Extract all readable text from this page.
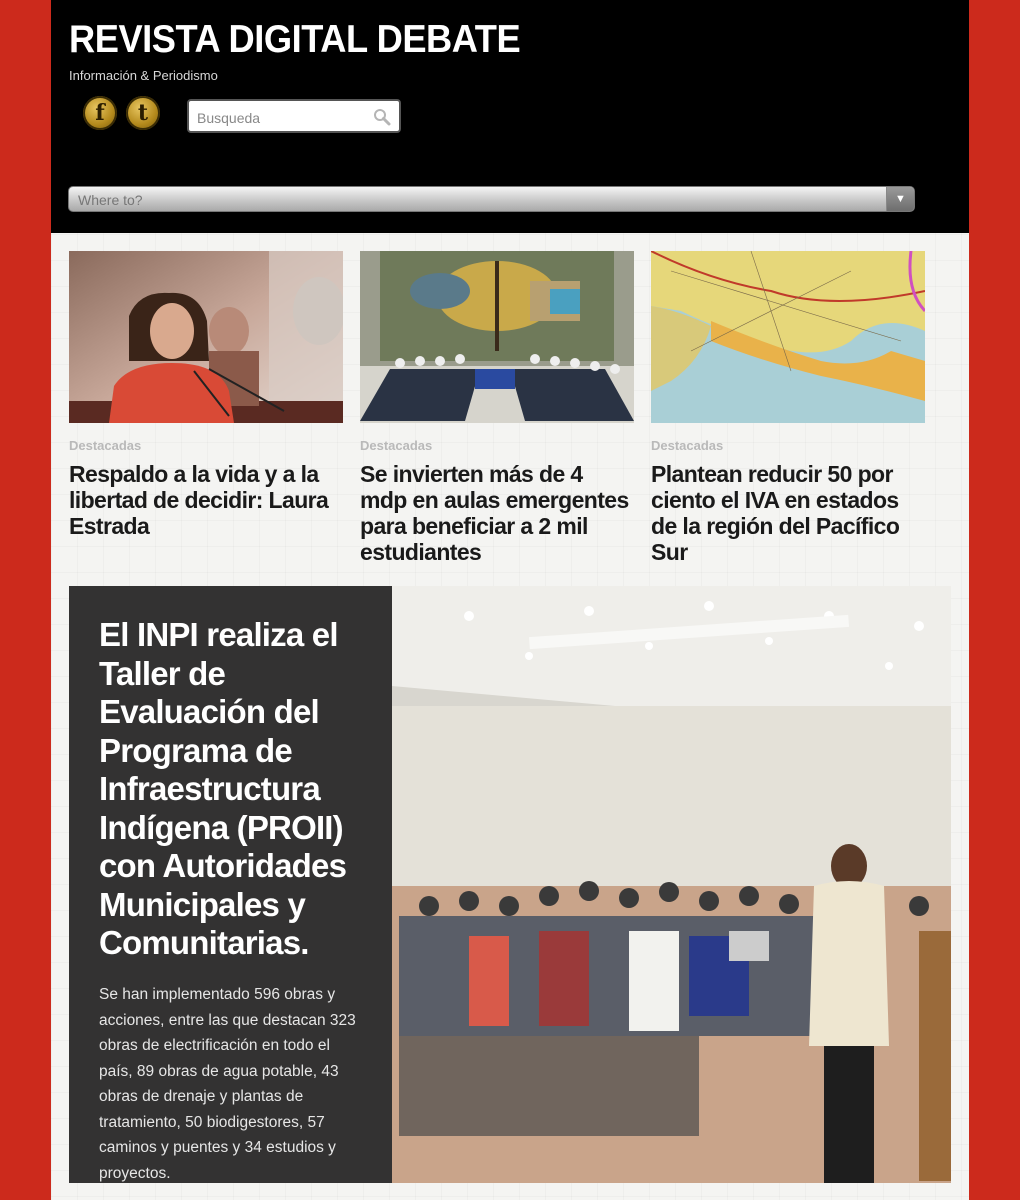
REVISTA DIGITAL DEBATE
Información & Periodismo
f t
Busqueda
Where to?	▼
Destacadas
Respaldo a la vida y a la libertad de decidir: Laura Estrada
Destacadas
Se invierten más de 4 mdp en aulas emergentes para beneficiar a 2 mil estudiantes
Destacadas
Plantean reducir 50 por ciento el IVA en estados de la región del Pacífico Sur
El INPI realiza el Taller de Evaluación del Programa de Infraestructura Indígena (PROII) con Autoridades Municipales y Comunitarias.
Se han implementado 596 obras y acciones, entre las que destacan 323 obras de electrificación en todo el país, 89 obras de agua potable, 43 obras de drenaje y plantas de tratamiento, 50 biodigestores, 57 caminos y puentes y 34 estudios y proyectos.
